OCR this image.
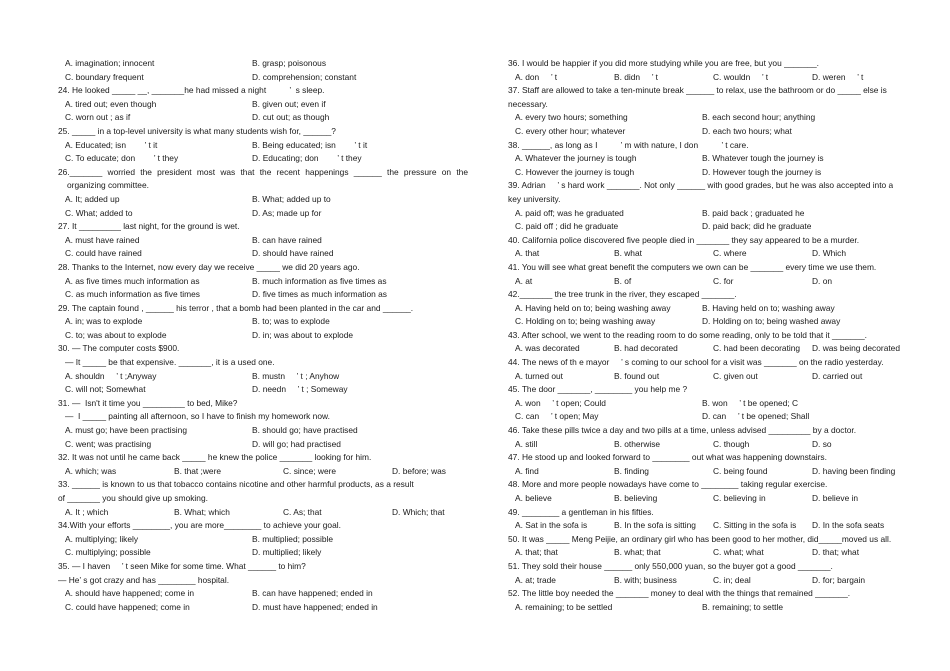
A. imagination; innocent	B. grasp; poisonous
C. boundary frequent	D. comprehension; constant
24. He looked _____ __, _______he had missed a night          ’  s sleep.
A. tired out; even though	B. given out; even if
C. worn out ; as if	D. cut out; as though
25. _____ in a top-level university is what many students wish for, ______?
A. Educated; isn        ’ t it	B. Being educated; isn        ’ t it
C. To educate; don        ’ t they	D. Educating; don        ’ t they
26._______ worried the president most was that the recent happenings ______ the pressure on the
organizing committee.
A. It; added up	B. What; added up to
C. What; added to	D. As; made up for
27. It _________ last night, for the ground is wet.
A. must have rained	B. can have rained
C. could have rained	D. should have rained
28. Thanks to the Internet, now every day we receive _____ we did 20 years ago.
A. as five times much information as	B. much information as five times as
C. as much information as five times	D. five times as much information as
29. The captain found , ______ his terror , that a bomb had been planted in the car and ______.
A. in; was to explode	B. to; was to explode
C. to; was about to explode	D. in; was about to explode
30. — The computer costs $900.
— It _____ be that expensive. _______, it is a used one.
A. shouldn     ’ t ;Anyway	B. mustn     ’ t ; Anyhow
C. will not; Somewhat	D. needn     ’ t ; Someway
31. —  Isn't it time you _________ to bed, Mike?
—  I _____ painting all afternoon, so I have to finish my homework now.
A. must go; have been practising	B. should go; have practised
C. went; was practising	D. will go; had practised
32. It was not until he came back _____ he knew the police _______ looking for him.
A. which; was	B. that ;were	C. since; were	D. before; was
33. ______ is known to us that tobacco contains nicotine and other harmful products, as a result
of _______ you should give up smoking.
A. It ; which	B. What; which	C. As; that	D. Which; that
34.With your efforts ________, you are more________ to achieve your goal.
A. multiplying; likely	B. multiplied; possible
C. multiplying; possible	D. multiplied; likely
35. — I haven     ’ t seen Mike for some time. What ______ to him?
— He’ s got crazy and has ________ hospital.
A. should have happened; come in	B. can have happened; ended in
C. could have happened; come in	D. must have happened; ended in
36. I would be happier if you did more studying while you are free, but you _______.
A. don     ’ t	B. didn     ’ t	C. wouldn     ’ t	D. weren     ’ t
37. Staff are allowed to take a ten-minute break ______ to relax, use the bathroom or do _____ else is
necessary.
A. every two hours; something	B. each second hour; anything
C. every other hour; whatever	D. each two hours; what
38. ______, as long as I          ’ m with nature, I don          ’ t care.
A. Whatever the journey is tough	B. Whatever tough the journey is
C. However the journey is tough	D. However tough the journey is
39. Adrian     ’ s hard work _______. Not only ______ with good grades, but he was also accepted into a
key university.
A. paid off; was he graduated	B. paid back ; graduated he
C. paid off ; did he graduate	D. paid back; did he graduate
40. California police discovered five people died in _______ they say appeared to be a murder.
A. that	B. what	C. where	D. Which
41. You will see what great benefit the computers we own can be _______ every time we use them.
A. at	B. of	C. for	D. on
42._______ the tree trunk in the river, they escaped _______.
A. Having held on to; being washing away	B. Having held on to; washing away
C. Holding on to; being washing away	D. Holding on to; being washed away
43. After school, we went to the reading room to do some reading, only to be told that it _______.
A. was decorated	B. had decorated	C. had been decorating	D. was being decorated
44. The news of th e mayor     ’ s coming to our school for a visit was _______ on the radio yesterday.
A. turned out	B. found out	C. given out	D. carried out
45. The door _______, ________ you help me ?
A. won     ’ t open; Could	B. won     ’ t be opened; C
C. can     ’ t open; May	D. can     ’ t be opened; Shall
46. Take these pills twice a day and two pills at a time, unless advised _________ by a doctor.
A. still	B. otherwise	C. though	D. so
47. He stood up and looked forward to ________ out what was happening downstairs.
A. find	B. finding	C. being found	D. having been finding
48. More and more people nowadays have come to ________ taking regular exercise.
A. believe	B. believing	C. believing in	D. believe in
49. ________ a gentleman in his fifties.
A. Sat in the sofa is	B. In the sofa is sitting	C. Sitting in the sofa is	D. In the sofa seats
50. It was _____ Meng Peijie, an ordinary girl who has been good to her mother, did_____moved us all.
A. that; that	B. what; that	C. what; what	D. that; what
51. They sold their house ______ only 550,000 yuan, so the buyer got a good _______.
A. at; trade	B. with; business	C. in; deal	D. for; bargain
52. The little boy needed the _______ money to deal with the things that remained _______.
A. remaining; to be settled	B. remaining; to settle
